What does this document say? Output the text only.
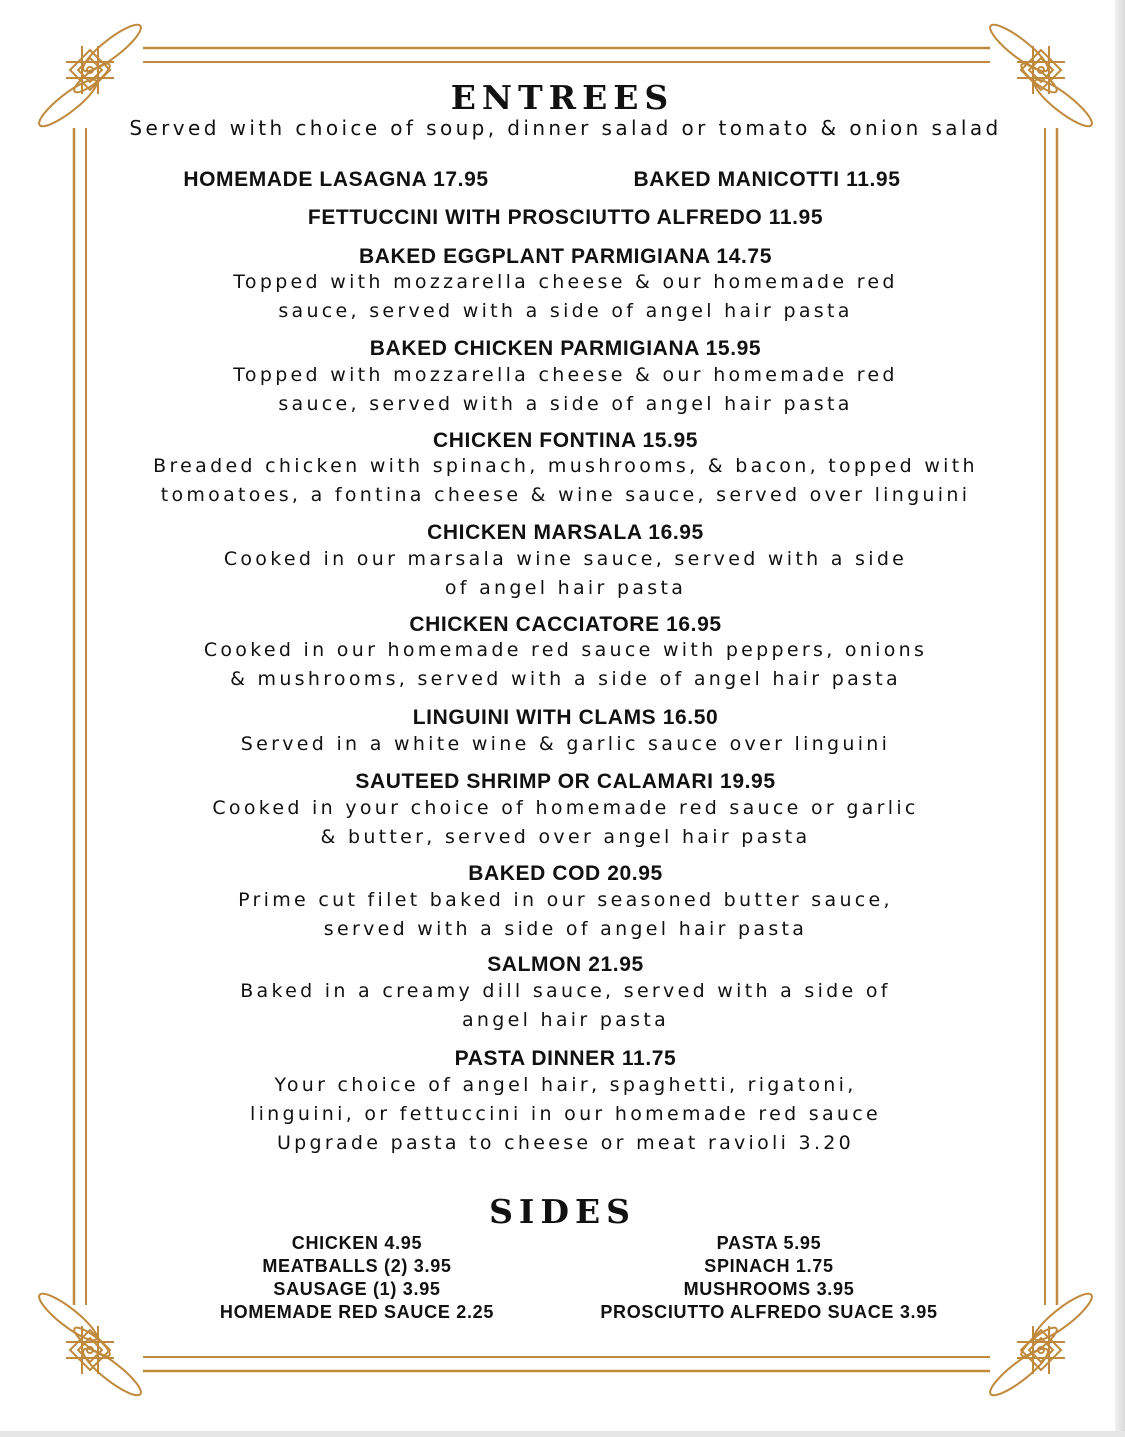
ENTREES
Served with choice of soup, dinner salad or tomato & onion salad
HOMEMADE LASAGNA 17.95	BAKED MANICOTTI 11.95
FETTUCCINI WITH PROSCIUTTO ALFREDO 11.95
BAKED EGGPLANT PARMIGIANA 14.75
Topped with mozzarella cheese & our homemade red
sauce, served with a side of angel hair pasta
BAKED CHICKEN PARMIGIANA 15.95
Topped with mozzarella cheese & our homemade red
sauce, served with a side of angel hair pasta
CHICKEN FONTINA 15.95
Breaded chicken with spinach, mushrooms, & bacon, topped with
tomoatoes, a fontina cheese & wine sauce, served over linguini
CHICKEN MARSALA 16.95
Cooked in our marsala wine sauce, served with a side
of angel hair pasta
CHICKEN CACCIATORE 16.95
Cooked in our homemade red sauce with peppers, onions
& mushrooms, served with a side of angel hair pasta
LINGUINI WITH CLAMS 16.50
Served in a white wine & garlic sauce over linguini
SAUTEED SHRIMP OR CALAMARI 19.95
Cooked in your choice of homemade red sauce or garlic
& butter, served over angel hair pasta
BAKED COD 20.95
Prime cut filet baked in our seasoned butter sauce,
served with a side of angel hair pasta
SALMON 21.95
Baked in a creamy dill sauce, served with a side of
angel hair pasta
PASTA DINNER 11.75
Your choice of angel hair, spaghetti, rigatoni,
linguini, or fettuccini in our homemade red sauce
Upgrade pasta to cheese or meat ravioli 3.20
SIDES
CHICKEN 4.95
MEATBALLS (2) 3.95
SAUSAGE (1) 3.95
HOMEMADE RED SAUCE 2.25
PASTA 5.95
SPINACH 1.75
MUSHROOMS 3.95
PROSCIUTTO ALFREDO SUACE 3.95
